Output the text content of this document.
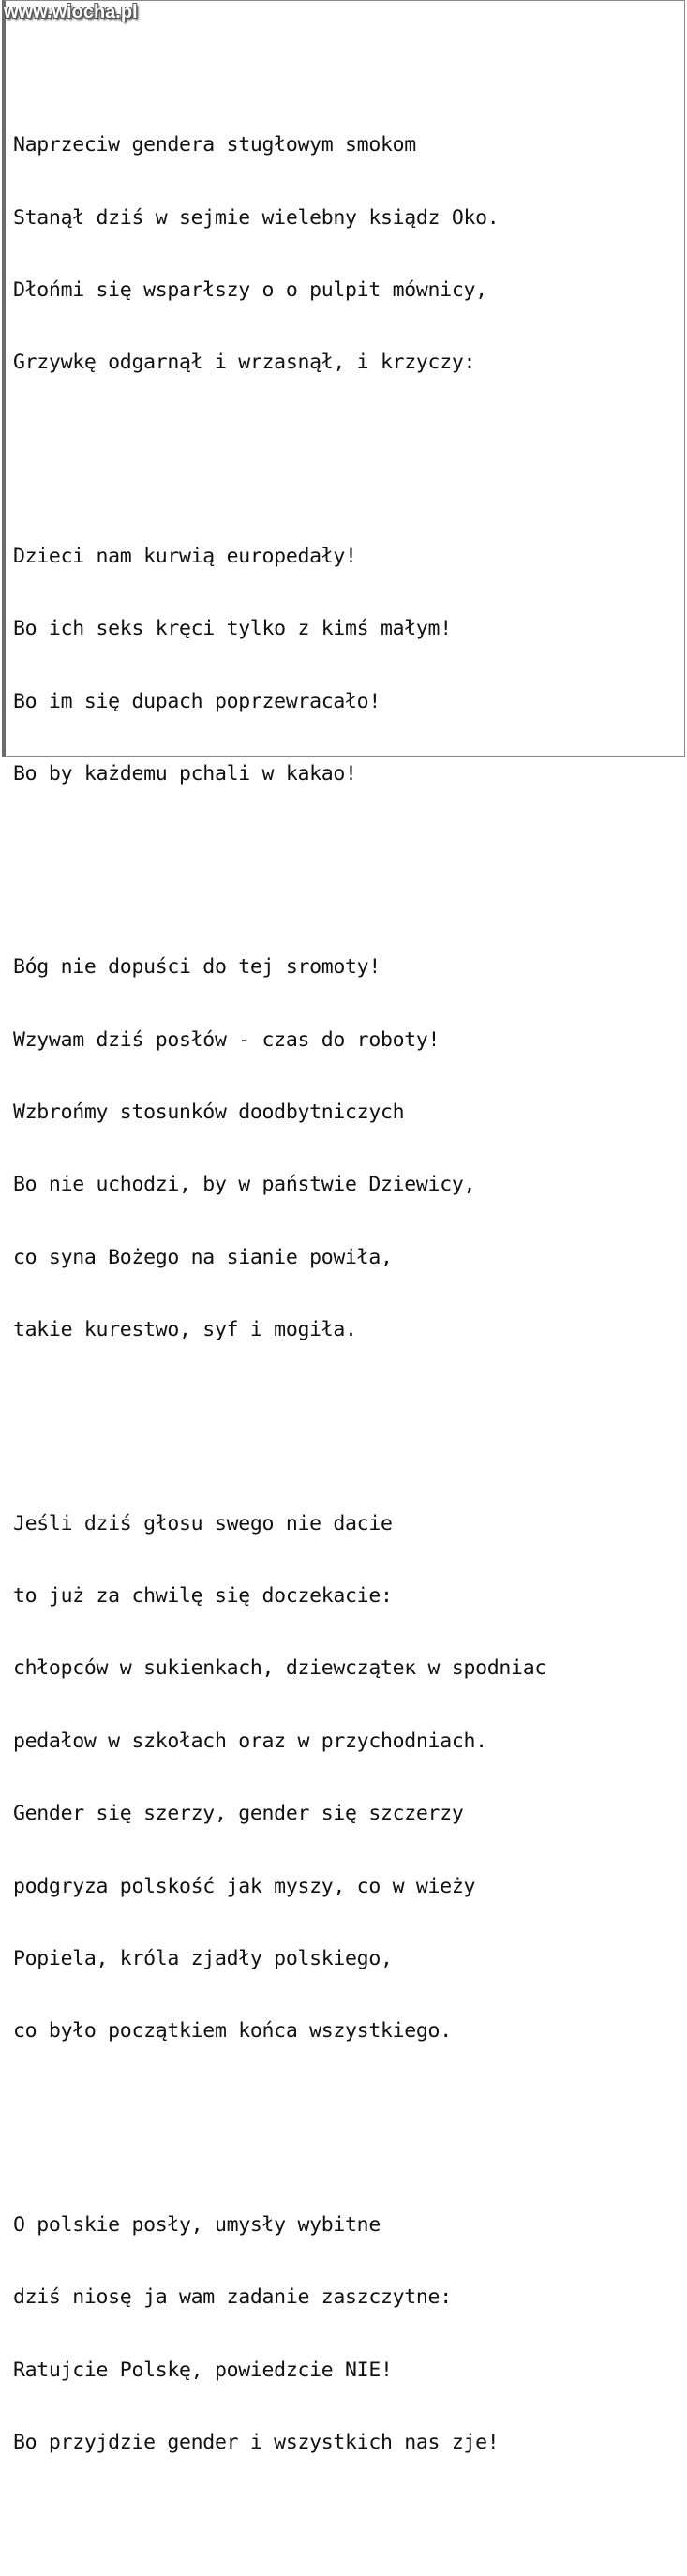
Naprzeciw gendera stugłowym smokom

Stanął dziś w sejmie wielebny ksiądz Oko.

Dłońmi się wsparłszy o o pulpit mównicy,

Grzywkę odgarnął i wrzasnął, i krzyczy:

Dzieci nam kurwią europedały!

Bo ich seks kręci tylko z kimś małym!

Bo im się dupach poprzewracało!

Bo by każdemu pchali w kakao!

Bóg nie dopuści do tej sromoty!

Wzywam dziś posłów - czas do roboty!

Wzbrońmy stosunków doodbytniczych

Bo nie uchodzi, by w państwie Dziewicy,

co syna Bożego na sianie powiła,

takie kurestwo, syf i mogiła.

Jeśli dziś głosu swego nie dacie

to już za chwilę się doczekacie:

chłopców w sukienkach, dziewcząteк w spodniac

pedałow w szkołach oraz w przychodniach.

Gender się szerzy, gender się szczerzy

podgryza polskość jak myszy, co w wieży

Popiela, króla zjadły polskiego,

co było początkiem końca wszystkiego.

O polskie posły, umysły wybitne

dziś niosę ja wam zadanie zaszczytne:

Ratujcie Polskę, powiedzcie NIE!

Bo przyjdzie gender i wszystkich nas zje!

www.wiocha.pl
